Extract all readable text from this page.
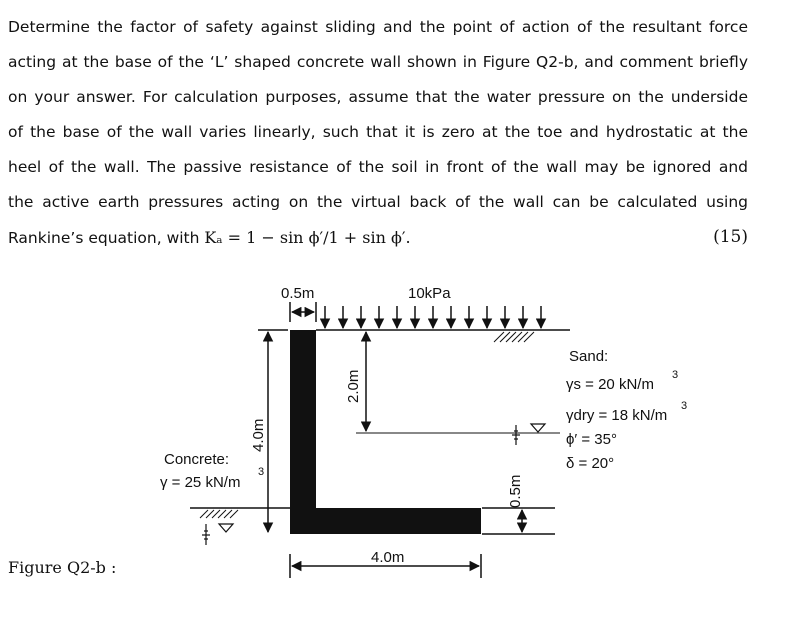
Determine the factor of safety against sliding and the point of action of the resultant force
acting at the base of the ‘L’ shaped concrete wall shown in Figure Q2-b, and comment briefly
on your answer. For calculation purposes, assume that the water pressure on the underside
of the base of the wall varies linearly, such that it is zero at the toe and hydrostatic at the
heel of the wall. The passive resistance of the soil in front of the wall may be ignored and
the active earth pressures acting on the virtual back of the wall can be calculated using
Rankine’s equation, with Kₐ = 1 − sin ϕ′/1 + sin ϕ′.	(15)
0.5m	10kPa
4.0m
2.0m
0.5m
4.0m
Concrete:
γ = 25 kN/m
3
Sand:
γs = 20 kN/m
3
γdry = 18 kN/m
3
ϕ′ = 35°
δ = 20°
Figure Q2-b :
